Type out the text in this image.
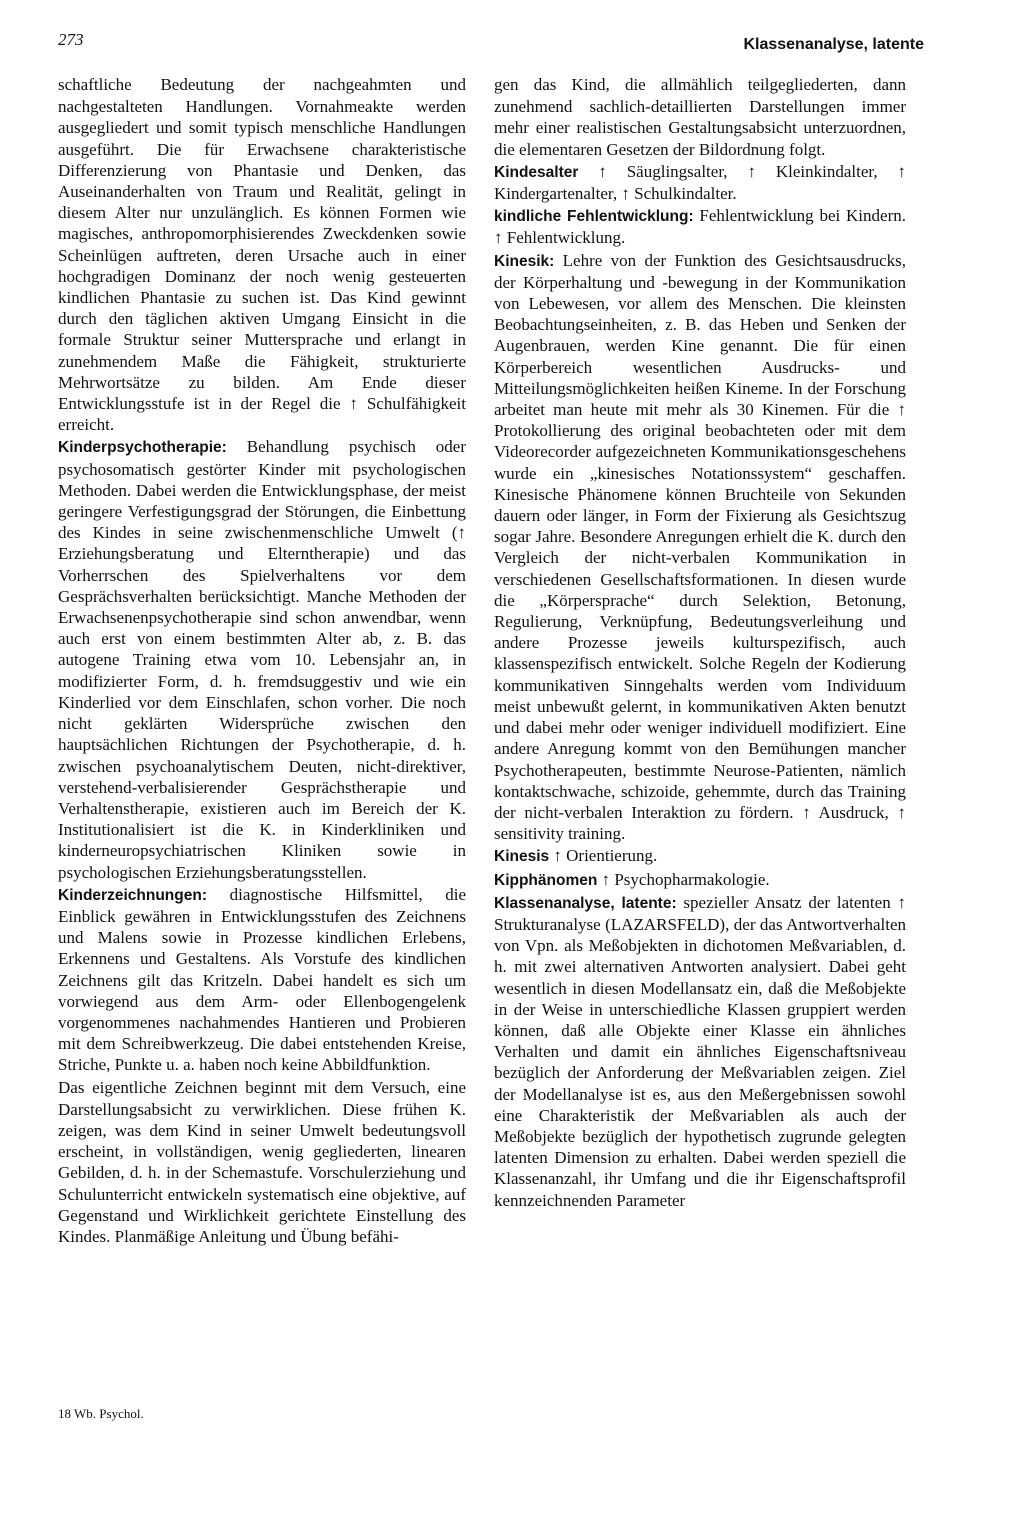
273	Klassenanalyse, latente

schaftliche Bedeutung der nachgeahmten und nachgestalteten Handlungen. Vornahmeakte werden ausgegliedert und somit typisch menschliche Handlungen ausgeführt. Die für Erwachsene charakteristische Differenzierung von Phantasie und Denken, das Auseinanderhalten von Traum und Realität, gelingt in diesem Alter nur unzulänglich. Es können Formen wie magisches, anthropomorphisierendes Zweckdenken sowie Scheinlügen auftreten, deren Ursache auch in einer hochgradigen Dominanz der noch wenig gesteuerten kindlichen Phantasie zu suchen ist. Das Kind gewinnt durch den täglichen aktiven Umgang Einsicht in die formale Struktur seiner Muttersprache und erlangt in zunehmendem Maße die Fähigkeit, strukturierte Mehrwortsätze zu bilden. Am Ende dieser Entwicklungsstufe ist in der Regel die ↑ Schulfähigkeit erreicht.

Kinderpsychotherapie: Behandlung psychisch oder psychosomatisch gestörter Kinder mit psychologischen Methoden. Dabei werden die Entwicklungsphase, der meist geringere Verfestigungsgrad der Störungen, die Einbettung des Kindes in seine zwischenmenschliche Umwelt (↑ Erziehungsberatung und Elterntherapie) und das Vorherrschen des Spielverhaltens vor dem Gesprächsverhalten berücksichtigt. Manche Methoden der Erwachsenenpsychotherapie sind schon anwendbar, wenn auch erst von einem bestimmten Alter ab, z. B. das autogene Training etwa vom 10. Lebensjahr an, in modifizierter Form, d. h. fremdsuggestiv und wie ein Kinderlied vor dem Einschlafen, schon vorher. Die noch nicht geklärten Widersprüche zwischen den hauptsächlichen Richtungen der Psychotherapie, d. h. zwischen psychoanalytischem Deuten, nicht-direktiver, verstehend-verbalisierender Gesprächstherapie und Verhaltenstherapie, existieren auch im Bereich der K. Institutionalisiert ist die K. in Kinderkliniken und kinderneuropsychiatrischen Kliniken sowie in psychologischen Erziehungsberatungsstellen.

Kinderzeichnungen: diagnostische Hilfsmittel, die Einblick gewähren in Entwicklungsstufen des Zeichnens und Malens sowie in Prozesse kindlichen Erlebens, Erkennens und Gestaltens. Als Vorstufe des kindlichen Zeichnens gilt das Kritzeln. Dabei handelt es sich um vorwiegend aus dem Arm- oder Ellenbogengelenk vorgenommenes nachahmendes Hantieren und Probieren mit dem Schreibwerkzeug. Die dabei entstehenden Kreise, Striche, Punkte u. a. haben noch keine Abbildfunktion.

Das eigentliche Zeichnen beginnt mit dem Versuch, eine Darstellungsabsicht zu verwirklichen. Diese frühen K. zeigen, was dem Kind in seiner Umwelt bedeutungsvoll erscheint, in vollständigen, wenig gegliederten, linearen Gebilden, d. h. in der Schemastufe. Vorschulerziehung und Schulunterricht entwickeln systematisch eine objektive, auf Gegenstand und Wirklichkeit gerichtete Einstellung des Kindes. Planmäßige Anleitung und Übung befähi-

gen das Kind, die allmählich teilgegliederten, dann zunehmend sachlich-detaillierten Darstellungen immer mehr einer realistischen Gestaltungsabsicht unterzuordnen, die elementaren Gesetzen der Bildordnung folgt.

Kindesalter ↑ Säuglingsalter, ↑ Kleinkindalter, ↑ Kindergartenalter, ↑ Schulkindalter.

kindliche Fehlentwicklung: Fehlentwicklung bei Kindern. ↑ Fehlentwicklung.

Kinesik: Lehre von der Funktion des Gesichtsausdrucks, der Körperhaltung und -bewegung in der Kommunikation von Lebewesen, vor allem des Menschen. Die kleinsten Beobachtungseinheiten, z. B. das Heben und Senken der Augenbrauen, werden Kine genannt. Die für einen Körperbereich wesentlichen Ausdrucks- und Mitteilungsmöglichkeiten heißen Kineme. In der Forschung arbeitet man heute mit mehr als 30 Kinemen. Für die ↑ Protokollierung des original beobachteten oder mit dem Videorecorder aufgezeichneten Kommunikationsgeschehens wurde ein „kinesisches Notationssystem“ geschaffen. Kinesische Phänomene können Bruchteile von Sekunden dauern oder länger, in Form der Fixierung als Gesichtszug sogar Jahre. Besondere Anregungen erhielt die K. durch den Vergleich der nicht-verbalen Kommunikation in verschiedenen Gesellschaftsformationen. In diesen wurde die „Körpersprache“ durch Selektion, Betonung, Regulierung, Verknüpfung, Bedeutungsverleihung und andere Prozesse jeweils kulturspezifisch, auch klassenspezifisch entwickelt. Solche Regeln der Kodierung kommunikativen Sinngehalts werden vom Individuum meist unbewußt gelernt, in kommunikativen Akten benutzt und dabei mehr oder weniger individuell modifiziert. Eine andere Anregung kommt von den Bemühungen mancher Psychotherapeuten, bestimmte Neurose-Patienten, nämlich kontaktschwache, schizoide, gehemmte, durch das Training der nicht-verbalen Interaktion zu fördern. ↑ Ausdruck, ↑ sensitivity training.

Kinesis ↑ Orientierung.

Kipphänomen ↑ Psychopharmakologie.

Klassenanalyse, latente: spezieller Ansatz der latenten ↑ Strukturanalyse (LAZARSFELD), der das Antwortverhalten von Vpn. als Meßobjekten in dichotomen Meßvariablen, d. h. mit zwei alternativen Antworten analysiert. Dabei geht wesentlich in diesen Modellansatz ein, daß die Meßobjekte in der Weise in unterschiedliche Klassen gruppiert werden können, daß alle Objekte einer Klasse ein ähnliches Verhalten und damit ein ähnliches Eigenschaftsniveau bezüglich der Anforderung der Meßvariablen zeigen. Ziel der Modellanalyse ist es, aus den Meßergebnissen sowohl eine Charakteristik der Meßvariablen als auch der Meßobjekte bezüglich der hypothetisch zugrunde gelegten latenten Dimension zu erhalten. Dabei werden speziell die Klassenanzahl, ihr Umfang und die ihr Eigenschaftsprofil kennzeichnenden Parameter

18 Wb. Psychol.
